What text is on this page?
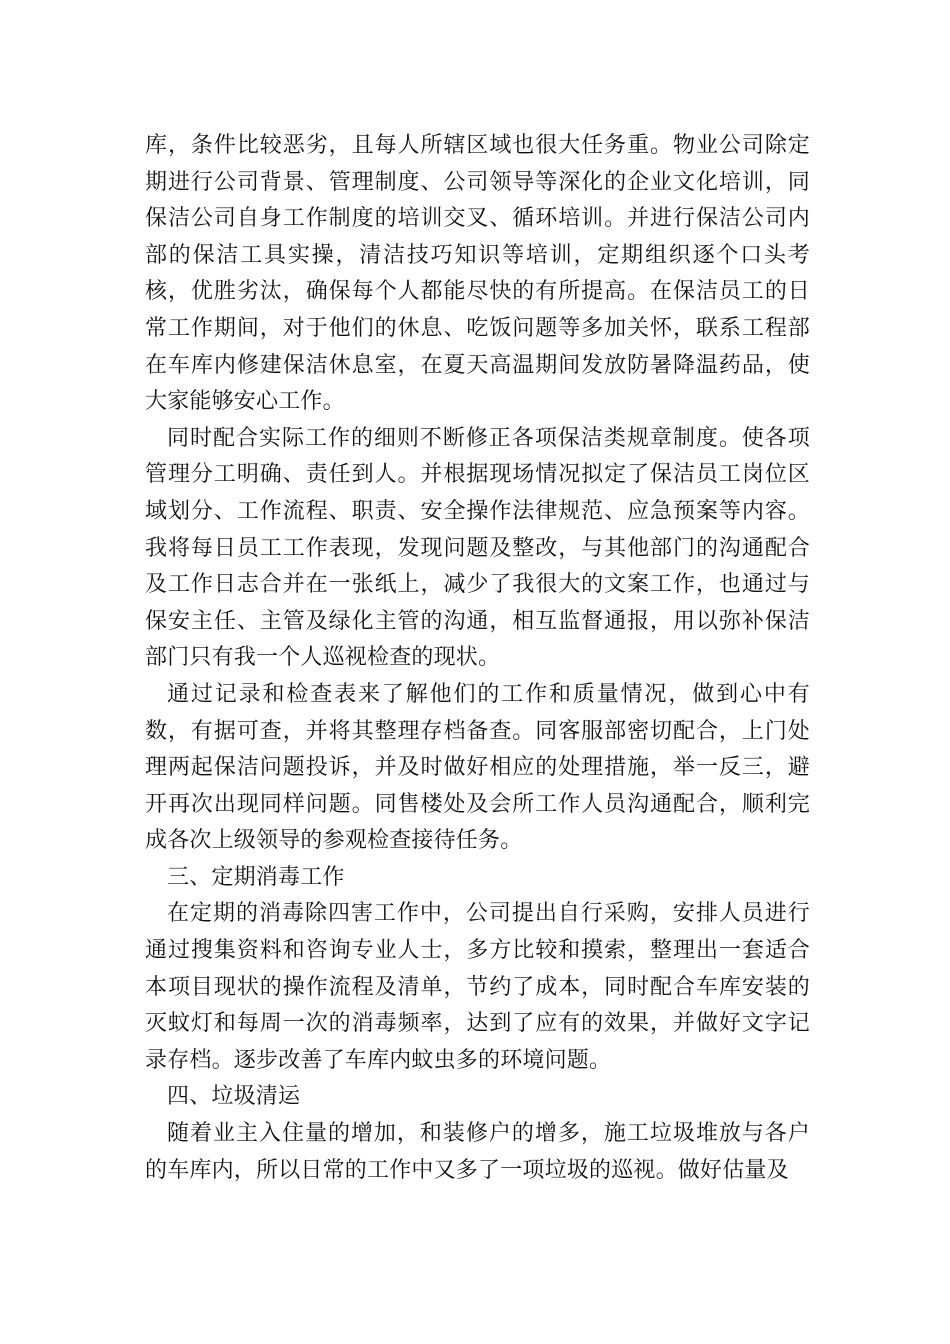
库，条件比较恶劣，且每人所辖区域也很大任务重。物业公司除定期进行公司背景、管理制度、公司领导等深化的企业文化培训，同保洁公司自身工作制度的培训交叉、循环培训。并进行保洁公司内部的保洁工具实操，清洁技巧知识等培训，定期组织逐个口头考核，优胜劣汰，确保每个人都能尽快的有所提高。在保洁员工的日常工作期间，对于他们的休息、吃饭问题等多加关怀，联系工程部在车库内修建保洁休息室，在夏天高温期间发放防暑降温药品，使大家能够安心工作。

同时配合实际工作的细则不断修正各项保洁类规章制度。使各项管理分工明确、责任到人。并根据现场情况拟定了保洁员工岗位区域划分、工作流程、职责、安全操作法律规范、应急预案等内容。我将每日员工工作表现，发现问题及整改，与其他部门的沟通配合及工作日志合并在一张纸上，减少了我很大的文案工作，也通过与保安主任、主管及绿化主管的沟通，相互监督通报，用以弥补保洁部门只有我一个人巡视检查的现状。

通过记录和检查表来了解他们的工作和质量情况，做到心中有数，有据可查，并将其整理存档备查。同客服部密切配合，上门处理两起保洁问题投诉，并及时做好相应的处理措施，举一反三，避开再次出现同样问题。同售楼处及会所工作人员沟通配合，顺利完成各次上级领导的参观检查接待任务。

三、定期消毒工作

在定期的消毒除四害工作中，公司提出自行采购，安排人员进行通过搜集资料和咨询专业人士，多方比较和摸索，整理出一套适合本项目现状的操作流程及清单，节约了成本，同时配合车库安装的灭蚊灯和每周一次的消毒频率，达到了应有的效果，并做好文字记录存档。逐步改善了车库内蚊虫多的环境问题。

四、垃圾清运

随着业主入住量的增加，和装修户的增多，施工垃圾堆放与各户的车库内，所以日常的工作中又多了一项垃圾的巡视。做好估量及
